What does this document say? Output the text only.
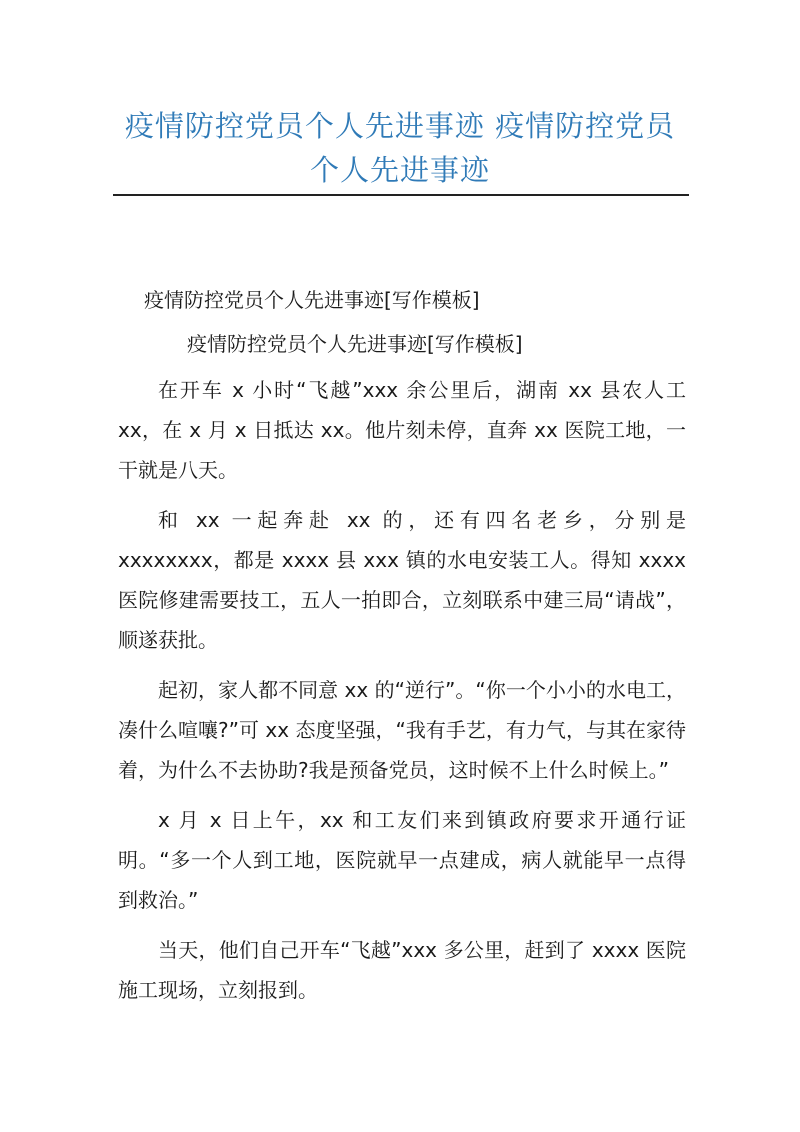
疫情防控党员个人先进事迹 疫情防控党员
个人先进事迹

疫情防控党员个人先进事迹[写作模板]

疫情防控党员个人先进事迹[写作模板]

在开车 x 小时“飞越”xxx 余公里后，湖南 xx 县农人工 xx，在 x 月 x 日抵达 xx。他片刻未停，直奔 xx 医院工地，一干就是八天。

和 xx 一起奔赴 xx 的，还有四名老乡，分别是 xxxxxxxx，都是 xxxx 县 xxx 镇的水电安装工人。得知 xxxx 医院修建需要技工，五人一拍即合，立刻联系中建三局“请战”，顺遂获批。

起初，家人都不同意 xx 的“逆行”。“你一个小小的水电工，凑什么喧嚷?”可 xx 态度坚强，“我有手艺，有力气，与其在家待着，为什么不去协助?我是预备党员，这时候不上什么时候上。”

x 月 x 日上午，xx 和工友们来到镇政府要求开通行证明。“多一个人到工地，医院就早一点建成，病人就能早一点得到救治。”

当天，他们自己开车“飞越”xxx 多公里，赶到了 xxxx 医院施工现场，立刻报到。
